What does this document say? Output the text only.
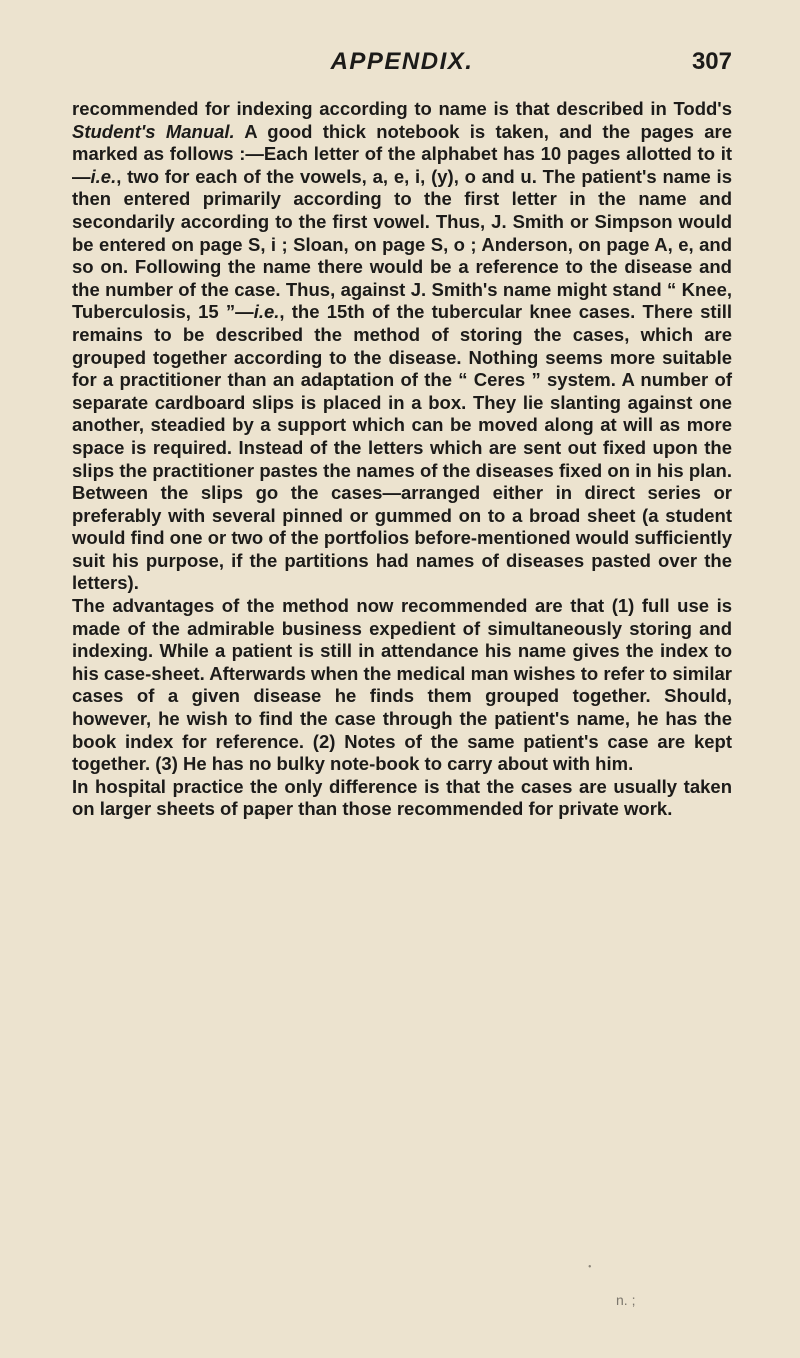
APPENDIX.	307

recommended for indexing according to name is that described in Todd's Student's Manual. A good thick notebook is taken, and the pages are marked as follows :—Each letter of the alphabet has 10 pages allotted to it—i.e., two for each of the vowels, a, e, i, (y), o and u. The patient's name is then entered primarily according to the first letter in the name and secondarily according to the first vowel. Thus, J. Smith or Simpson would be entered on page S, i ; Sloan, on page S, o ; Anderson, on page A, e, and so on. Following the name there would be a reference to the disease and the number of the case. Thus, against J. Smith's name might stand “ Knee, Tuberculosis, 15 ”—i.e., the 15th of the tubercular knee cases. There still remains to be described the method of storing the cases, which are grouped together according to the disease. Nothing seems more suitable for a practitioner than an adaptation of the “ Ceres ” system. A number of separate cardboard slips is placed in a box. They lie slanting against one another, steadied by a support which can be moved along at will as more space is required. Instead of the letters which are sent out fixed upon the slips the practitioner pastes the names of the diseases fixed on in his plan. Between the slips go the cases—arranged either in direct series or preferably with several pinned or gummed on to a broad sheet (a student would find one or two of the portfolios before-mentioned would sufficiently suit his purpose, if the partitions had names of diseases pasted over the letters).

The advantages of the method now recommended are that (1) full use is made of the admirable business expedient of simultaneously storing and indexing. While a patient is still in attendance his name gives the index to his case-sheet. Afterwards when the medical man wishes to refer to similar cases of a given disease he finds them grouped together. Should, however, he wish to find the case through the patient's name, he has the book index for reference. (2) Notes of the same patient's case are kept together. (3) He has no bulky note-book to carry about with him.

In hospital practice the only difference is that the cases are usually taken on larger sheets of paper than those recommended for private work.

•
n. ;
